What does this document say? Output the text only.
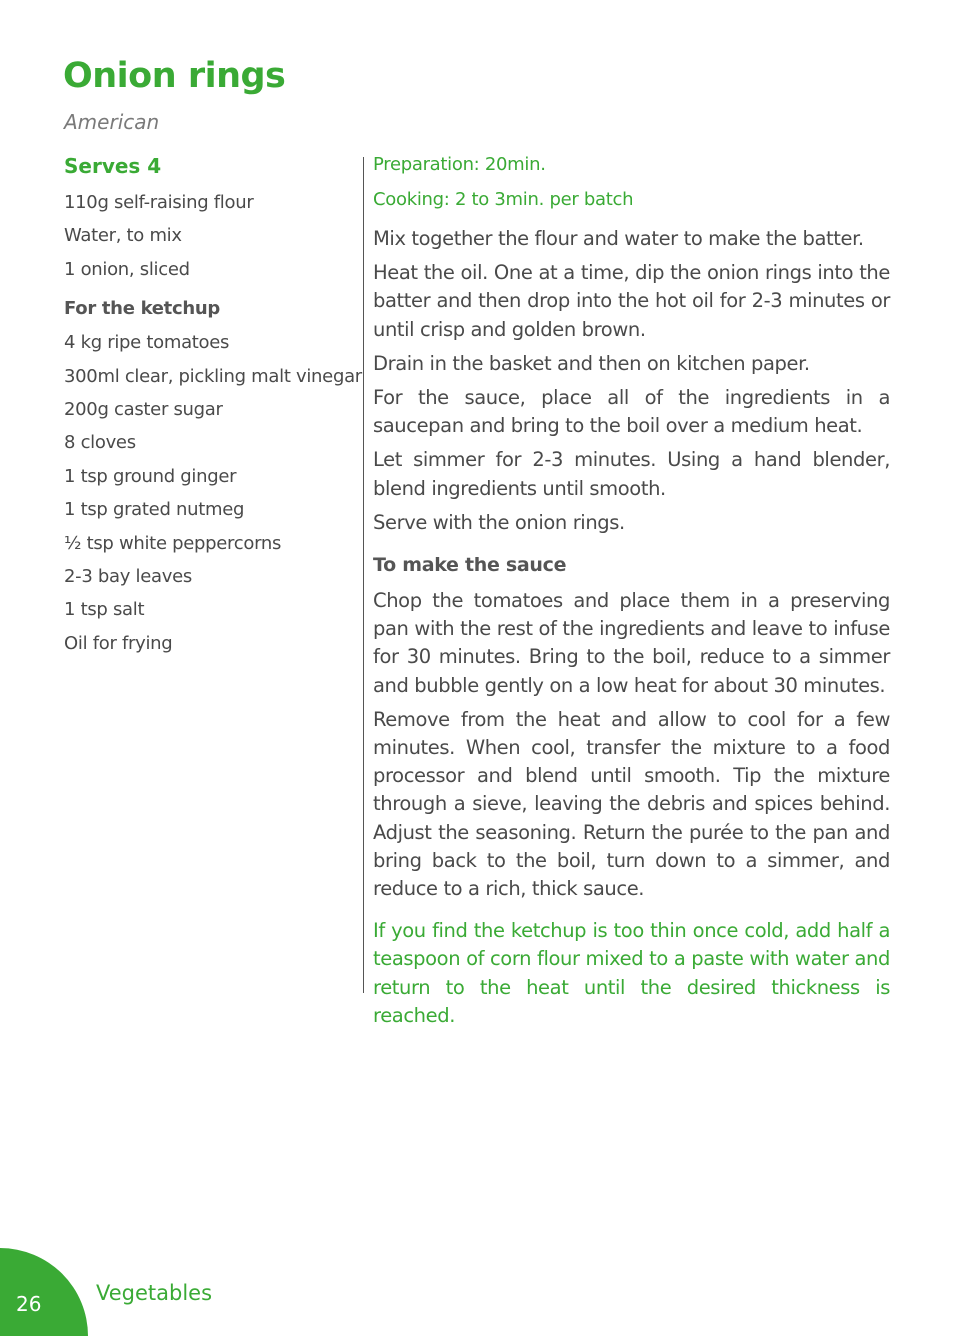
Onion rings
American
Serves 4
110g self-raising flour
Water, to mix
1 onion, sliced
For the ketchup
4 kg ripe tomatoes
300ml clear, pickling malt vinegar
200g caster sugar
8 cloves
1 tsp ground ginger
1 tsp grated nutmeg
½ tsp white peppercorns
2-3 bay leaves
1 tsp salt
Oil for frying
Preparation: 20min.
Cooking: 2 to 3min. per batch

Mix together the flour and water to make the batter.

Heat the oil. One at a time, dip the onion rings into the batter and then drop into the hot oil for 2-3 minutes or until crisp and golden brown.

Drain in the basket and then on kitchen paper.

For the sauce, place all of the ingredients in a saucepan and bring to the boil over a medium heat.

Let simmer for 2-3 minutes. Using a hand blender, blend ingredients until smooth.

Serve with the onion rings.

To make the sauce

Chop the tomatoes and place them in a preserving pan with the rest of the ingredients and leave to infuse for 30 minutes. Bring to the boil, reduce to a simmer and bubble gently on a low heat for about 30 minutes.

Remove from the heat and allow to cool for a few minutes. When cool, transfer the mixture to a food processor and blend until smooth. Tip the mixture through a sieve, leaving the debris and spices behind. Adjust the seasoning. Return the purée to the pan and bring back to the boil, turn down to a simmer, and reduce to a rich, thick sauce.

If you find the ketchup is too thin once cold, add half a teaspoon of corn flour mixed to a paste with water and return to the heat until the desired thickness is reached.

26	Vegetables
